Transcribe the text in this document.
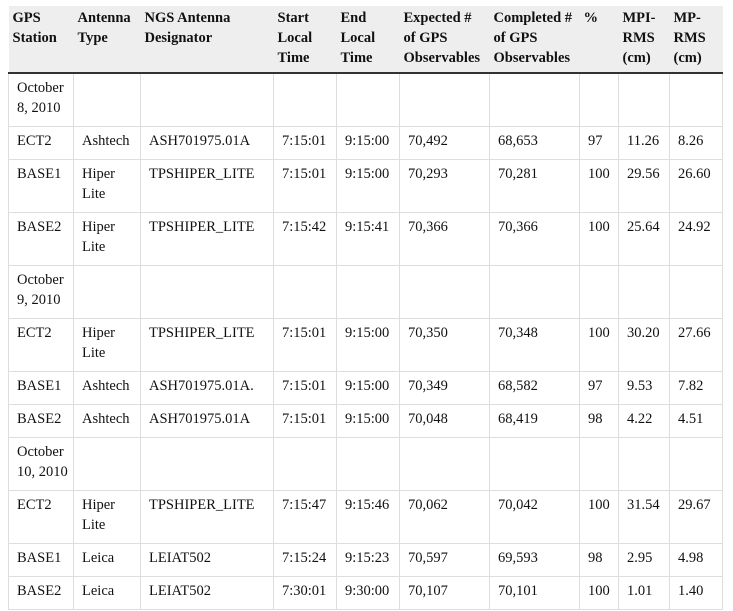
GPS Station	Antenna Type	NGS Antenna Designator	Start Local Time	End Local Time	Expected # of GPS Observables	Completed # of GPS Observables	%	MPI-RMS (cm)	MP-RMS (cm)
October 8, 2010									
ECT2	Ashtech	ASH701975.01A	7:15:01	9:15:00	70,492	68,653	97	11.26	8.26
BASE1	Hiper Lite	TPSHIPER_LITE	7:15:01	9:15:00	70,293	70,281	100	29.56	26.60
BASE2	Hiper Lite	TPSHIPER_LITE	7:15:42	9:15:41	70,366	70,366	100	25.64	24.92
October 9, 2010									
ECT2	Hiper Lite	TPSHIPER_LITE	7:15:01	9:15:00	70,350	70,348	100	30.20	27.66
BASE1	Ashtech	ASH701975.01A.	7:15:01	9:15:00	70,349	68,582	97	9.53	7.82
BASE2	Ashtech	ASH701975.01A	7:15:01	9:15:00	70,048	68,419	98	4.22	4.51
October 10, 2010									
ECT2	Hiper Lite	TPSHIPER_LITE	7:15:47	9:15:46	70,062	70,042	100	31.54	29.67
BASE1	Leica	LEIAT502	7:15:24	9:15:23	70,597	69,593	98	2.95	4.98
BASE2	Leica	LEIAT502	7:30:01	9:30:00	70,107	70,101	100	1.01	1.40
